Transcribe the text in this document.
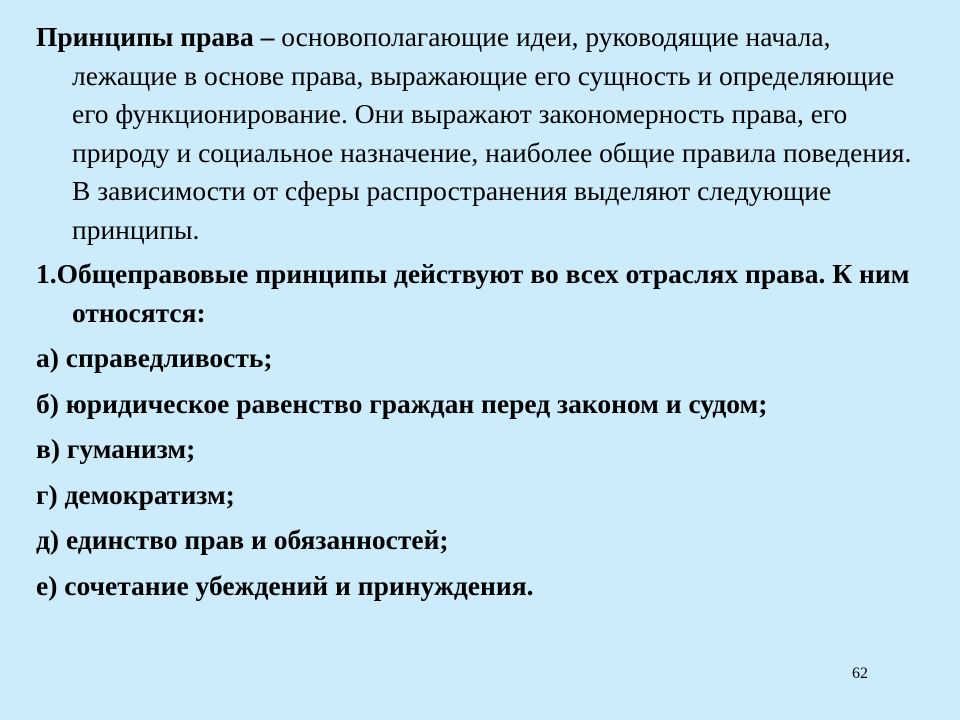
Принципы права – основополагающие идеи, руководящие начала, лежащие в основе права, выражающие его сущность и определяющие его функционирование. Они выражают закономерность права, его природу и социальное назначение, наиболее общие правила поведения. В зависимости от сферы распространения выделяют следующие принципы.

1.Общеправовые принципы действуют во всех отраслях права. К ним относятся:

а) справедливость;

б) юридическое равенство граждан перед законом и судом;

в) гуманизм;

г) демократизм;

д) единство прав и обязанностей;

е) сочетание убеждений и принуждения.

62
